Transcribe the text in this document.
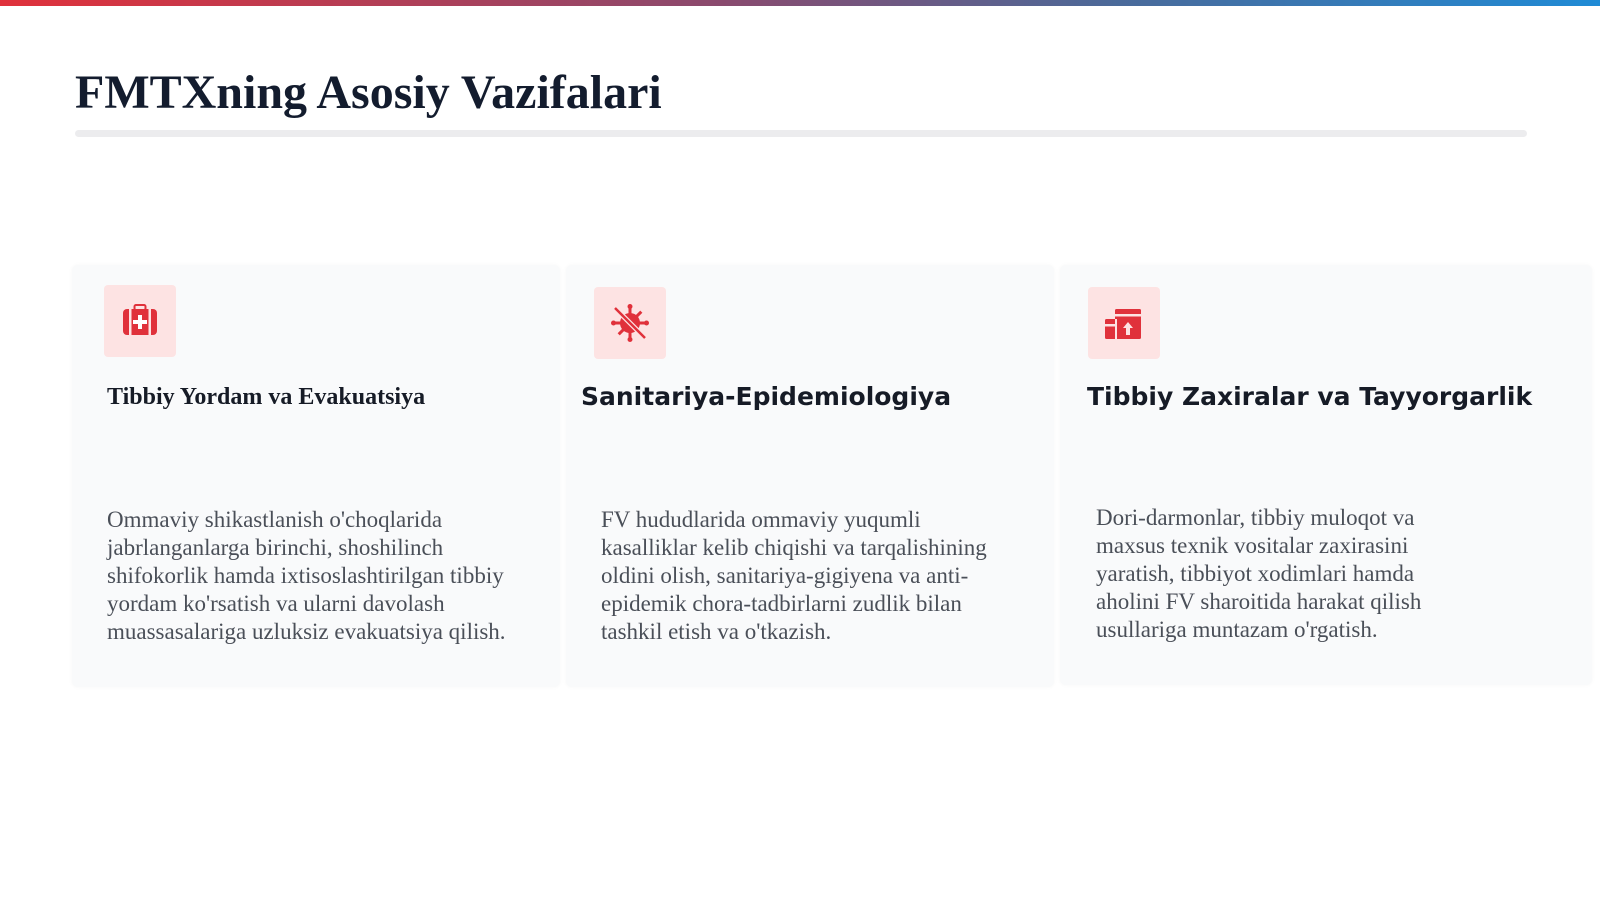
FMTXning Asosiy Vazifalari
Tibbiy Yordam va Evakuatsiya

Ommaviy shikastlanish o'choqlarida jabrlanganlarga birinchi, shoshilinch shifokorlik hamda ixtisoslashtirilgan tibbiy yordam ko'rsatish va ularni davolash muassasalariga uzluksiz evakuatsiya qilish.

Sanitariya-Epidemiologiya

FV hududlarida ommaviy yuqumli kasalliklar kelib chiqishi va tarqalishining oldini olish, sanitariya-gigiyena va anti-epidemik chora-tadbirlarni zudlik bilan tashkil etish va o'tkazish.

Tibbiy Zaxiralar va Tayyorgarlik

Dori-darmonlar, tibbiy muloqot va maxsus texnik vositalar zaxirasini yaratish, tibbiyot xodimlari hamda aholini FV sharoitida harakat qilish usullariga muntazam o'rgatish.
